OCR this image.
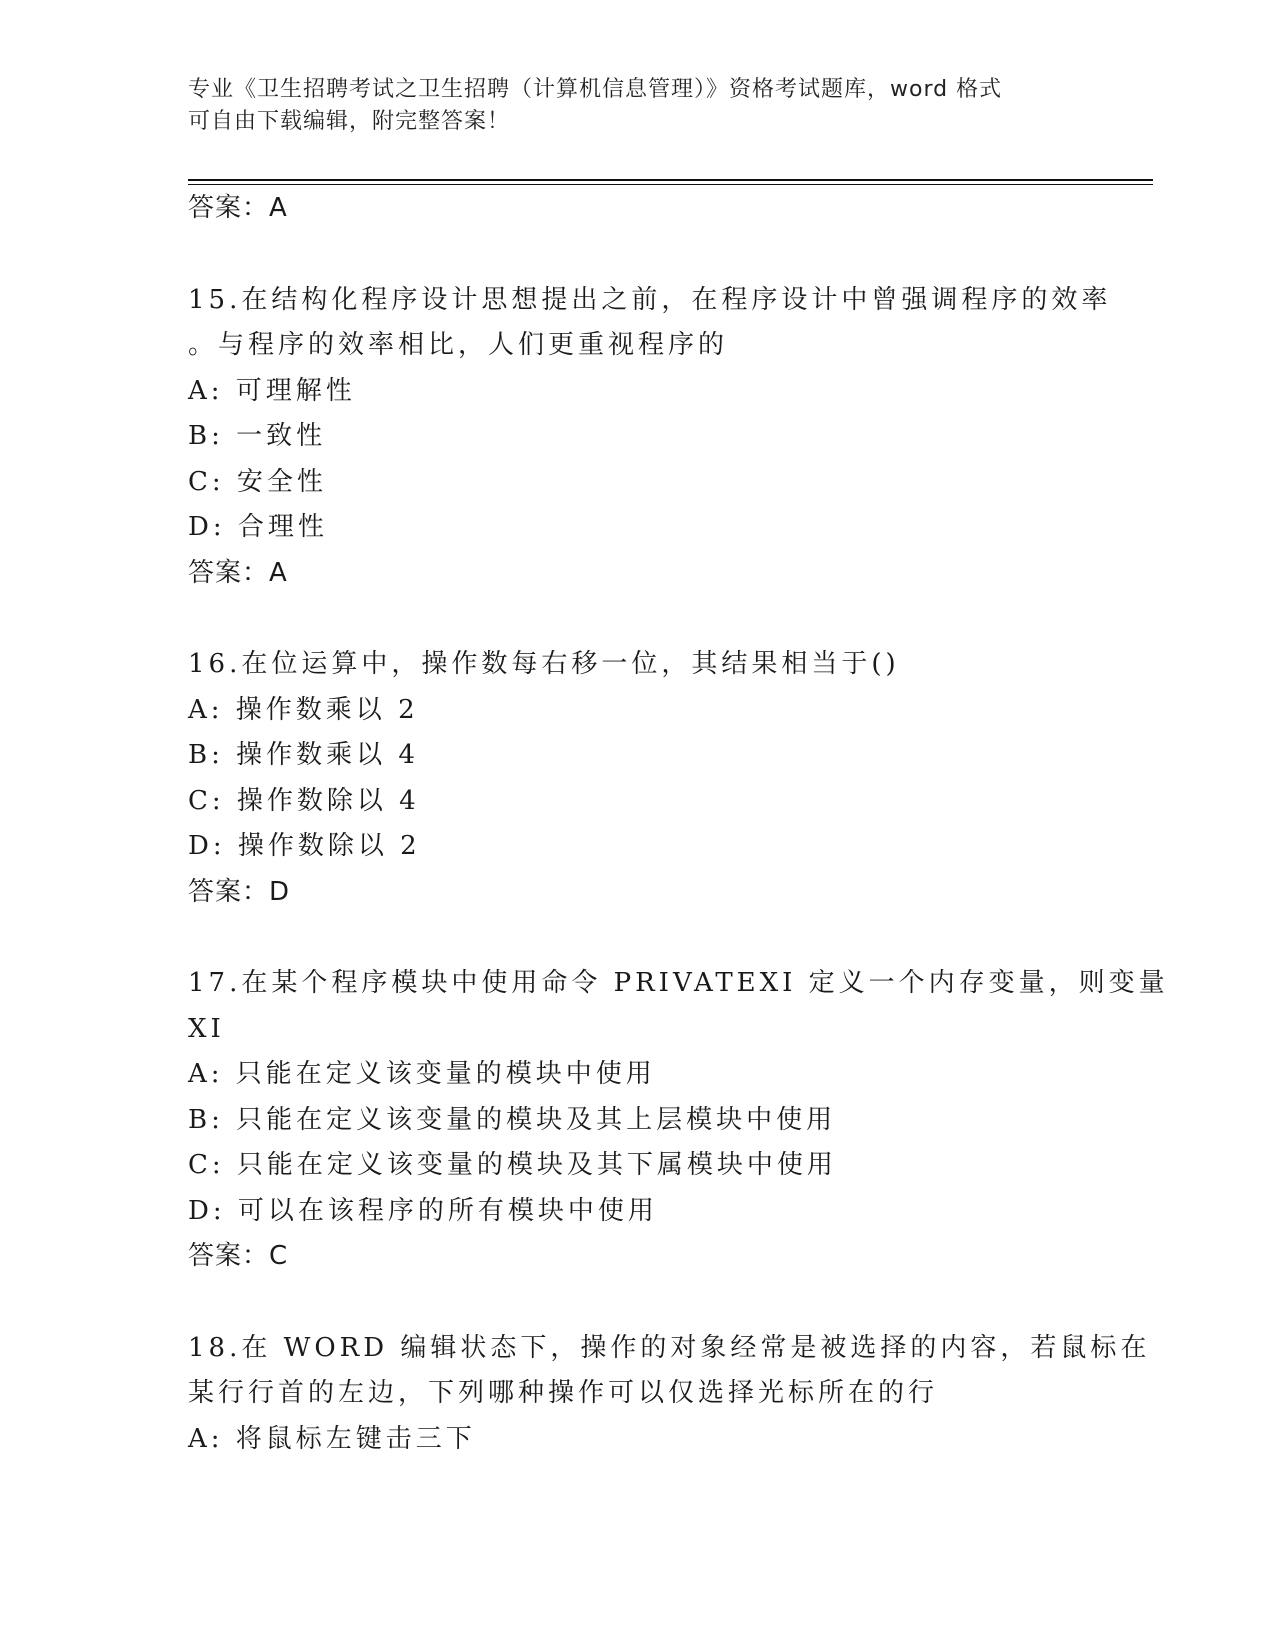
专业《卫生招聘考试之卫生招聘（计算机信息管理）》资格考试题库，word 格式
可自由下载编辑，附完整答案！
答案：A
15.在结构化程序设计思想提出之前，在程序设计中曾强调程序的效率
。与程序的效率相比，人们更重视程序的
A: 可理解性
B: 一致性
C: 安全性
D: 合理性
答案：A
16.在位运算中，操作数每右移一位，其结果相当于()
A: 操作数乘以 2
B: 操作数乘以 4
C: 操作数除以 4
D: 操作数除以 2
答案：D
17.在某个程序模块中使用命令 PRIVATEXI 定义一个内存变量，则变量
XI
A: 只能在定义该变量的模块中使用
B: 只能在定义该变量的模块及其上层模块中使用
C: 只能在定义该变量的模块及其下属模块中使用
D: 可以在该程序的所有模块中使用
答案：C
18.在 WORD 编辑状态下，操作的对象经常是被选择的内容，若鼠标在
某行行首的左边，下列哪种操作可以仅选择光标所在的行
A: 将鼠标左键击三下
